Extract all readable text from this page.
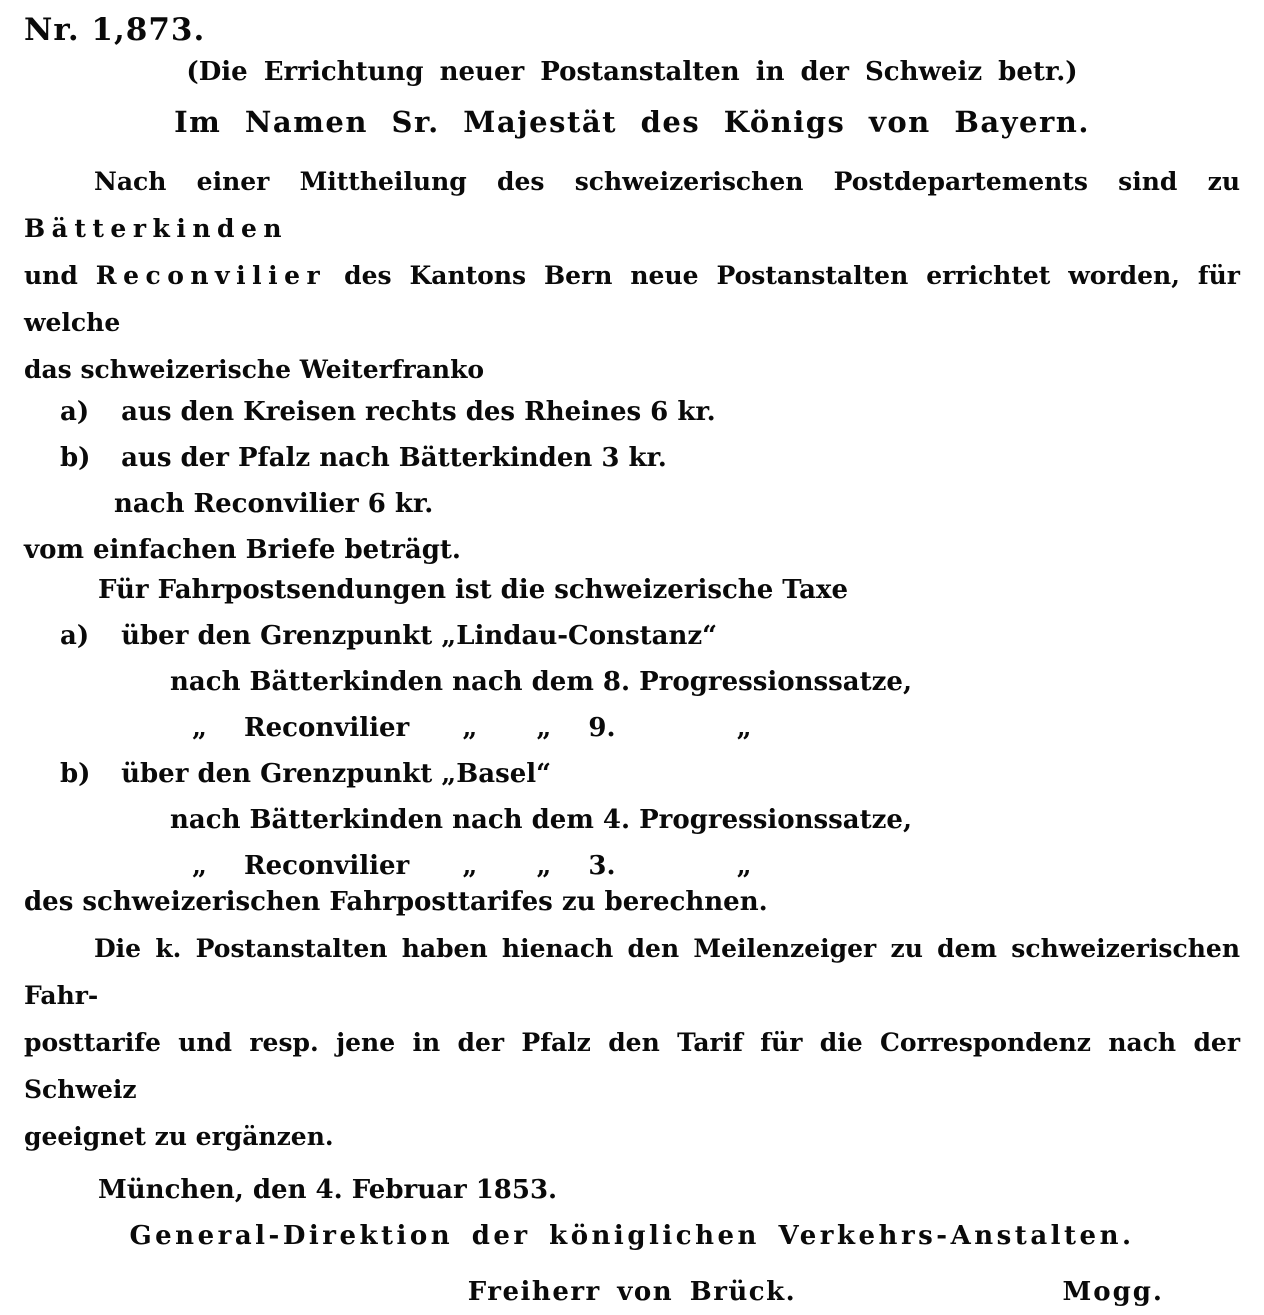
Nr. 1,873.
(Die Errichtung neuer Postanstalten in der Schweiz betr.)
Im Namen Sr. Majestät des Königs von Bayern.
Nach einer Mittheilung des schweizerischen Postdepartements sind zu Bätterkinden
und Reconvilier des Kantons Bern neue Postanstalten errichtet worden, für welche
das schweizerische Weiterfranko
a) aus den Kreisen rechts des Rheines 6 kr.
b) aus der Pfalz nach Bätterkinden 3 kr.
nach Reconvilier 6 kr.
vom einfachen Briefe beträgt.
Für Fahrpostsendungen ist die schweizerische Taxe
a) über den Grenzpunkt „Lindau-Constanz“
nach Bätterkinden nach dem 8. Progressionssatze,
„ Reconvilier „ „ 9.	„
b) über den Grenzpunkt „Basel“
nach Bätterkinden nach dem 4. Progressionssatze,
„ Reconvilier „ „ 3.	„
des schweizerischen Fahrposttarifes zu berechnen.
Die k. Postanstalten haben hienach den Meilenzeiger zu dem schweizerischen Fahr-
posttarife und resp. jene in der Pfalz den Tarif für die Correspondenz nach der Schweiz
geeignet zu ergänzen.
München, den 4. Februar 1853.
General-Direktion der königlichen Verkehrs-Anstalten.
Freiherr von Brück.	Mogg.
